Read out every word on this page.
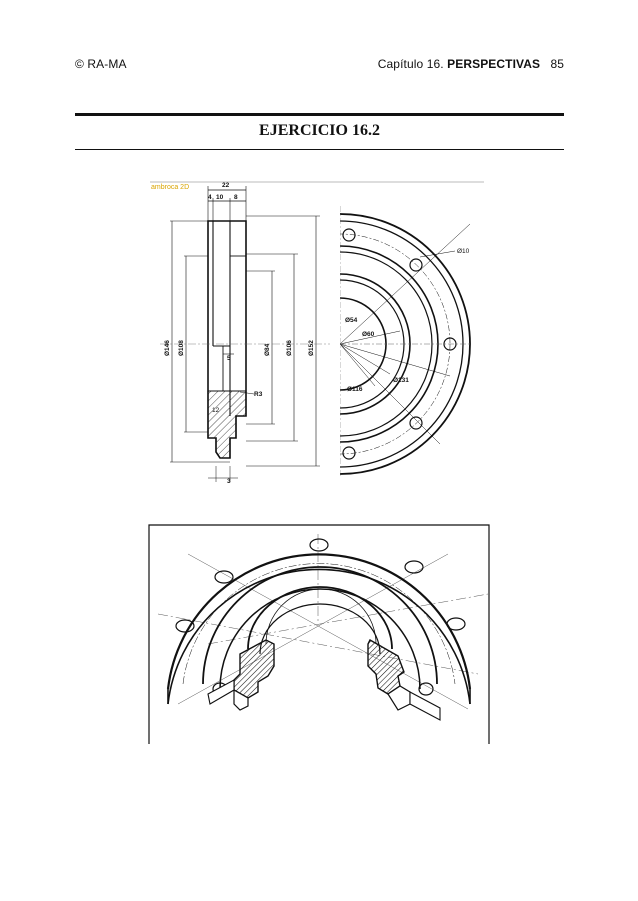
© RA-MA	Capítulo 16. PERSPECTIVAS 85
EJERCICIO 16.2
ambroca 2D	22
4 10 8
5
R3
12
3
Ø146 Ø108	Ø84 Ø106 Ø152
Ø10
Ø54
Ø60
Ø116
Ø131
